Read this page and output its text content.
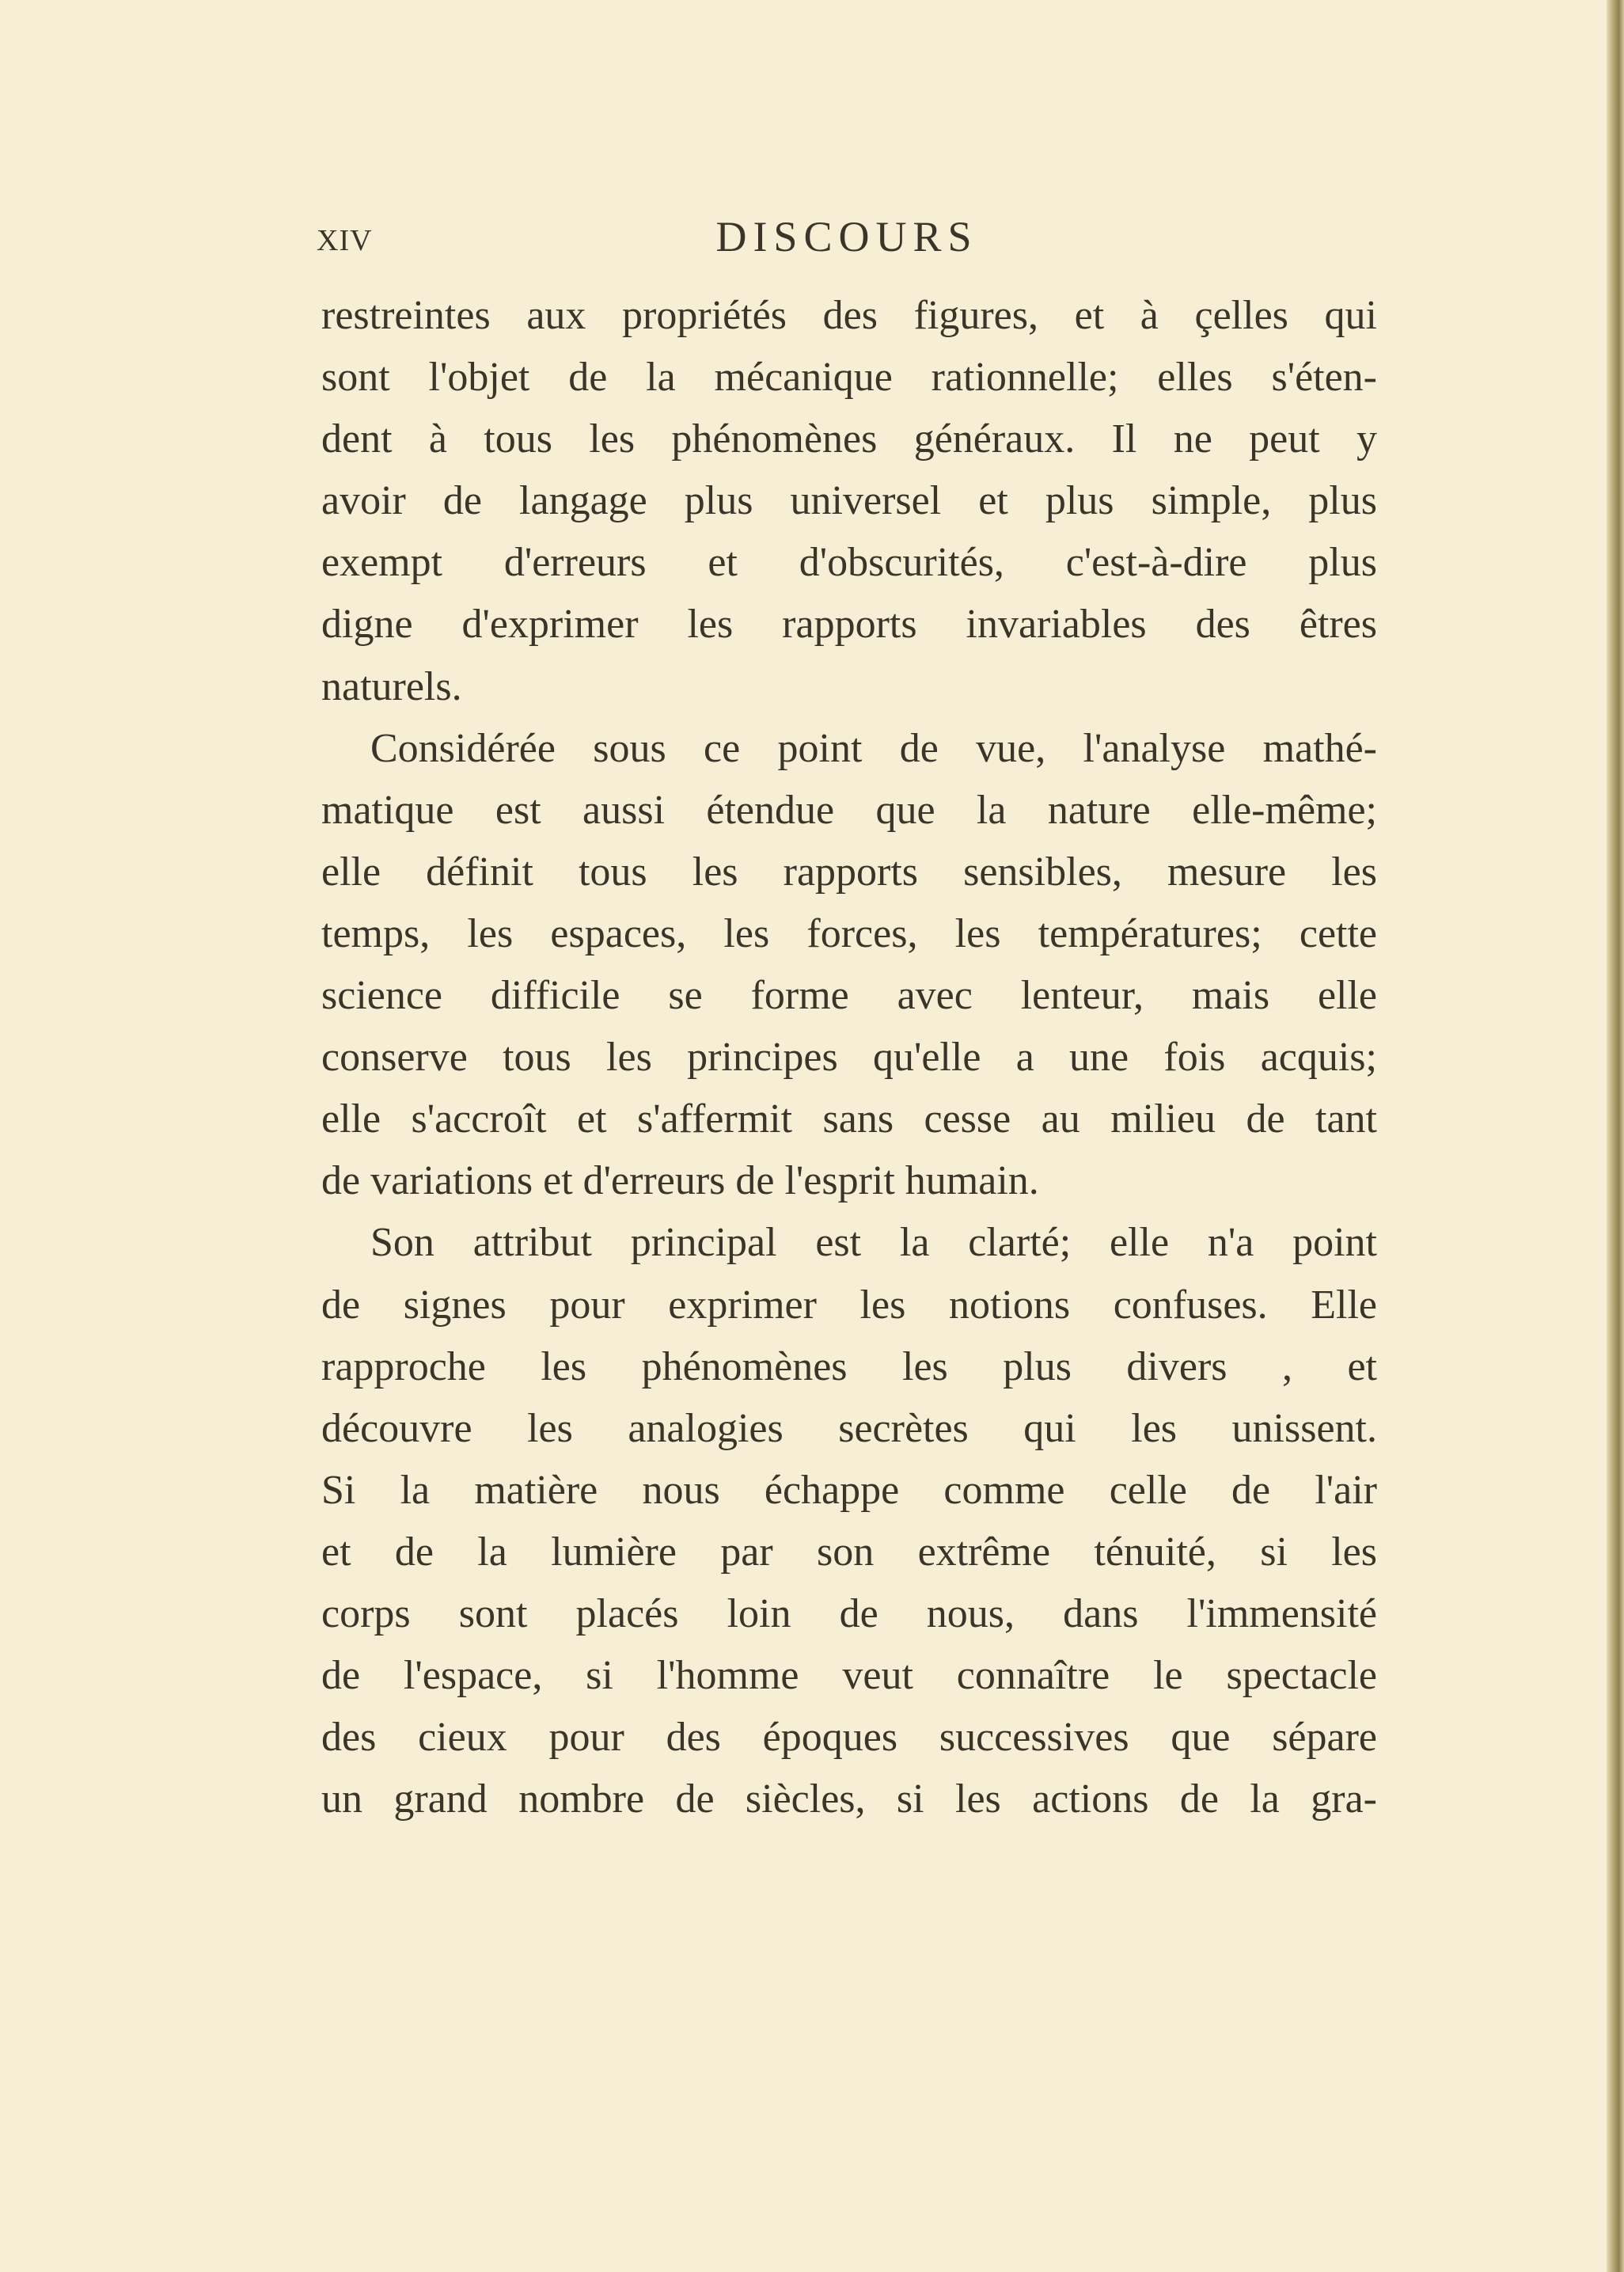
XIV	DISCOURS
restreintes aux propriétés des figures, et à çelles qui
sont l'objet de la mécanique rationnelle; elles s'éten-
dent à tous les phénomènes généraux. Il ne peut y
avoir de langage plus universel et plus simple, plus
exempt d'erreurs et d'obscurités, c'est-à-dire plus
digne d'exprimer les rapports invariables des êtres
naturels.
Considérée sous ce point de vue, l'analyse mathé-
matique est aussi étendue que la nature elle-même;
elle définit tous les rapports sensibles, mesure les
temps, les espaces, les forces, les températures; cette
science difficile se forme avec lenteur, mais elle
conserve tous les principes qu'elle a une fois acquis;
elle s'accroît et s'affermit sans cesse au milieu de tant
de variations et d'erreurs de l'esprit humain.
Son attribut principal est la clarté; elle n'a point
de signes pour exprimer les notions confuses. Elle
rapproche les phénomènes les plus divers , et
découvre les analogies secrètes qui les unissent.
Si la matière nous échappe comme celle de l'air
et de la lumière par son extrême ténuité, si les
corps sont placés loin de nous, dans l'immensité
de l'espace, si l'homme veut connaître le spectacle
des cieux pour des époques successives que sépare
un grand nombre de siècles, si les actions de la gra-
